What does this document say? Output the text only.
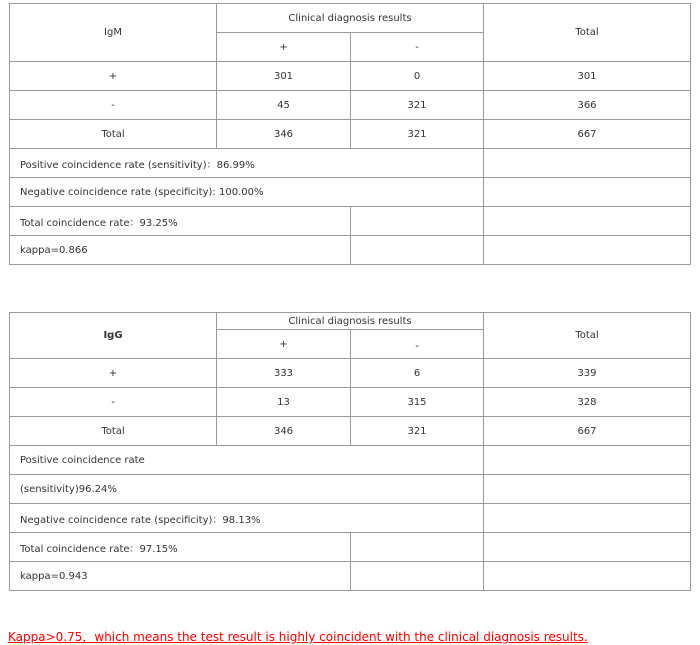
IgM	Clinical diagnosis results		Total
	+	-	
+	301	0	301
-	45	321	366
Total	346	321	667
Positive coincidence rate (sensitivity)：86.99%			
Negative coincidence rate (specificity): 100.00%			
Total coincidence rate：93.25%			
kappa=0.866			
IgG	Clinical diagnosis results		Total
	+	-	
+	333	6	339
-	13	315	328
Total	346	321	667
Positive coincidence rate			
(sensitivity)96.24%			
Negative coincidence rate (specificity)：98.13%			
Total coincidence rate：97.15%			
kappa=0.943			
Kappa>0.75，which means the test result is highly coincident with the clinical diagnosis results.
